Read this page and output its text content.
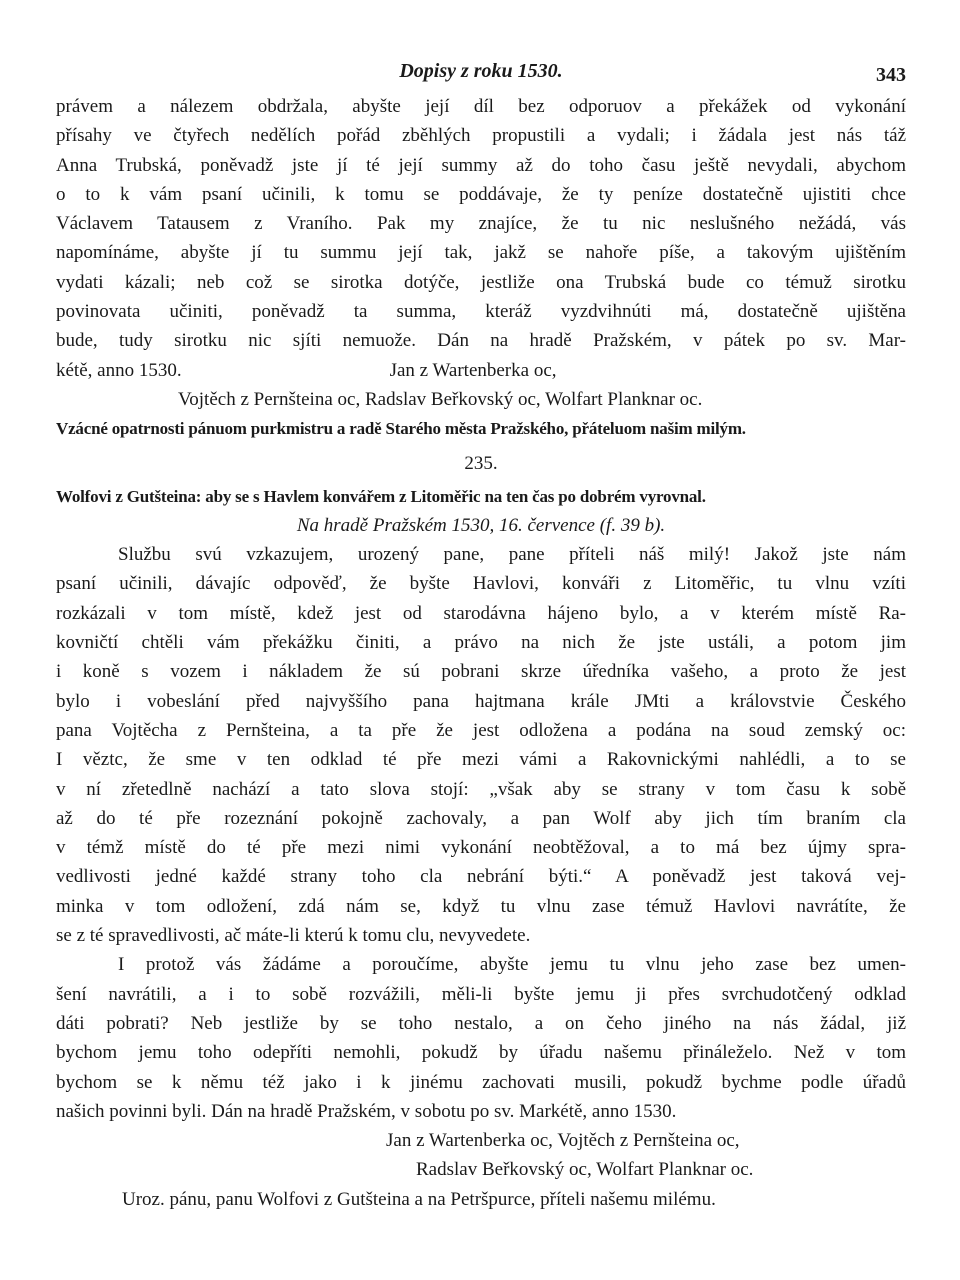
Dopisy z roku 1530.	343
právem a nálezem obdržala, abyšte její díl bez odporuov a překážek od vykonání
přísahy ve čtyřech nedělích pořád zběhlých propustili a vydali; i žádala jest nás táž
Anna Trubská, poněvadž jste jí té její summy až do toho času ještě nevydali, abychom
o to k vám psaní učinili, k tomu se poddávaje, že ty peníze dostatečně ujistiti chce
Václavem Tatausem z Vraního. Pak my znajíce, že tu nic neslušného nežádá, vás
napomínáme, abyšte jí tu summu její tak, jakž se nahoře píše, a takovým ujištěním
vydati kázali; neb což se sirotka dotýče, jestliže ona Trubská bude co témuž sirotku
povinovata učiniti, poněvadž ta summa, kteráž vyzdvihnúti má, dostatečně ujištěna
bude, tudy sirotku nic sjíti nemuože. Dán na hradě Pražském, v pátek po sv. Mar-
kétě, anno 1530.	Jan z Wartenberka oc,
Vojtěch z Pernšteina oc, Radslav Beřkovský oc, Wolfart Planknar oc.
Vzácné opatrnosti pánuom purkmistru a radě Starého města Pražského, přáteluom našim milým.
235.
Wolfovi z Gutšteina: aby se s Havlem konvářem z Litoměřic na ten čas po dobrém vyrovnal.
Na hradě Pražském 1530, 16. července (f. 39 b).
Službu svú vzkazujem, urozený pane, pane příteli náš milý! Jakož jste nám
psaní učinili, dávajíc odpověď, že byšte Havlovi, konváři z Litoměřic, tu vlnu vzíti
rozkázali v tom místě, kdež jest od starodávna hájeno bylo, a v kterém místě Ra-
kovničtí chtěli vám překážku činiti, a právo na nich že jste ustáli, a potom jim
i koně s vozem i nákladem že sú pobrani skrze úředníka vašeho, a proto že jest
bylo i vobeslání před najvyššího pana hajtmana krále JMti a královstvie Českého
pana Vojtěcha z Pernšteina, a ta pře že jest odložena a podána na soud zemský oc:
I věztc, že sme v ten odklad té pře mezi vámi a Rakovnickými nahlédli, a to se
v ní zřetedlně nachází a tato slova stojí: „však aby se strany v tom času k sobě
až do té pře rozeznání pokojně zachovaly, a pan Wolf aby jich tím braním cla
v témž místě do té pře mezi nimi vykonání neobtěžoval, a to má bez újmy spra-
vedlivosti jedné každé strany toho cla nebrání býti.“ A poněvadž jest taková vej-
minka v tom odložení, zdá nám se, když tu vlnu zase témuž Havlovi navrátíte, že
se z té spravedlivosti, ač máte-li kterú k tomu clu, nevyvedete.
I protož vás žádáme a poroučíme, abyšte jemu tu vlnu jeho zase bez umen-
šení navrátili, a i to sobě rozvážili, měli-li byšte jemu ji přes svrchudotčený odklad
dáti pobrati? Neb jestliže by se toho nestalo, a on čeho jiného na nás žádal, již
bychom jemu toho odepříti nemohli, pokudž by úřadu našemu přináleželo. Než v tom
bychom se k němu též jako i k jinému zachovati musili, pokudž bychme podle úřadů
našich povinni byli. Dán na hradě Pražském, v sobotu po sv. Markétě, anno 1530.
Jan z Wartenberka oc, Vojtěch z Pernšteina oc,
Radslav Beřkovský oc, Wolfart Planknar oc.
Uroz. pánu, panu Wolfovi z Gutšteina a na Petršpurce, příteli našemu milému.
